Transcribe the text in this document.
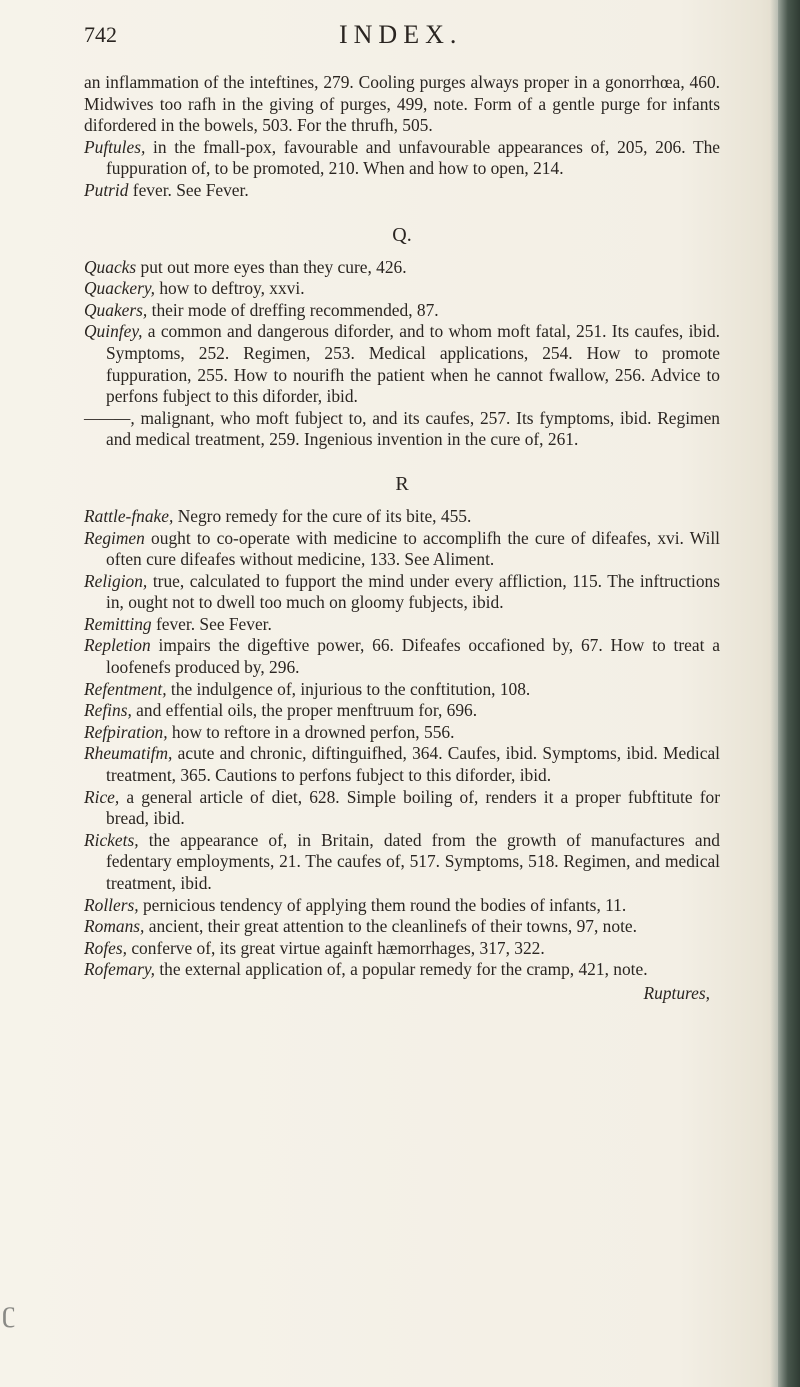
742	INDEX.

an inflammation of the inteftines, 279. Cooling purges always proper in a gonorrhœa, 460. Midwives too rafh in the giving of purges, 499, note. Form of a gentle purge for infants difordered in the bowels, 503. For the thrufh, 505.

Puftules, in the fmall-pox, favourable and unfavourable appearances of, 205, 206. The fuppuration of, to be promoted, 210. When and how to open, 214.

Putrid fever. See Fever.

Q.

Quacks put out more eyes than they cure, 426.

Quackery, how to deftroy, xxvi.

Quakers, their mode of dreffing recommended, 87.

Quinfey, a common and dangerous diforder, and to whom moft fatal, 251. Its caufes, ibid. Symptoms, 252. Regimen, 253. Medical applications, 254. How to promote fuppuration, 255. How to nourifh the patient when he cannot fwallow, 256. Advice to perfons fubject to this diforder, ibid.

———, malignant, who moft fubject to, and its caufes, 257. Its fymptoms, ibid. Regimen and medical treatment, 259. Ingenious invention in the cure of, 261.

R

Rattle-fnake, Negro remedy for the cure of its bite, 455.

Regimen ought to co-operate with medicine to accomplifh the cure of difeafes, xvi. Will often cure difeafes without medicine, 133. See Aliment.

Religion, true, calculated to fupport the mind under every affliction, 115. The inftructions in, ought not to dwell too much on gloomy fubjects, ibid.

Remitting fever. See Fever.

Repletion impairs the digeftive power, 66. Difeafes occafioned by, 67. How to treat a loofenefs produced by, 296.

Refentment, the indulgence of, injurious to the conftitution, 108.

Refins, and effential oils, the proper menftruum for, 696.

Refpiration, how to reftore in a drowned perfon, 556.

Rheumatifm, acute and chronic, diftinguifhed, 364. Caufes, ibid. Symptoms, ibid. Medical treatment, 365. Cautions to perfons fubject to this diforder, ibid.

Rice, a general article of diet, 628. Simple boiling of, renders it a proper fubftitute for bread, ibid.

Rickets, the appearance of, in Britain, dated from the growth of manufactures and fedentary employments, 21. The caufes of, 517. Symptoms, 518. Regimen, and medical treatment, ibid.

Rollers, pernicious tendency of applying them round the bodies of infants, 11.

Romans, ancient, their great attention to the cleanlinefs of their towns, 97, note.

Rofes, conferve of, its great virtue againft hæmorrhages, 317, 322.

Rofemary, the external application of, a popular remedy for the cramp, 421, note.

Ruptures,
ʗ
